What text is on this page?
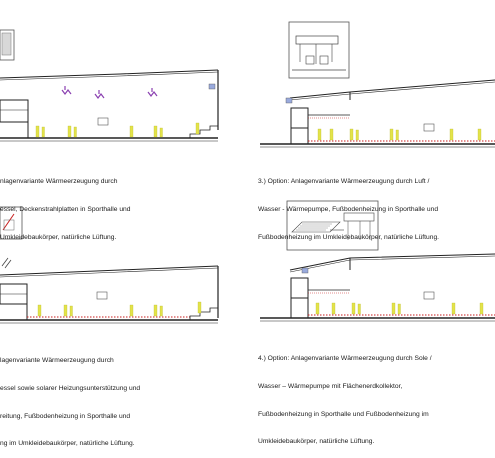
nlagenvariante Wärmeerzeugung durch

essel, Deckenstrahlplatten in Sporthalle und

Umkleidebaukörper, natürliche Lüftung.

3.) Option: Anlagenvariante Wärmeerzeugung durch Luft /

Wasser - Wärmepumpe, Fußbodenheizung in Sporthalle und

Fußbodenheizung im Umkleidebaukörper, natürliche Lüftung.

lagenvariante Wärmeerzeugung durch

essel sowie solarer Heizungsunterstützung und

reitung, Fußbodenheizung in Sporthalle und

ng im Umkleidebaukörper, natürliche Lüftung.

4.) Option: Anlagenvariante Wärmeerzeugung durch Sole /

Wasser – Wärmepumpe mit Flächenerdkollektor,

Fußbodenheizung in Sporthalle und Fußbodenheizung im

Umkleidebaukörper, natürliche Lüftung.
